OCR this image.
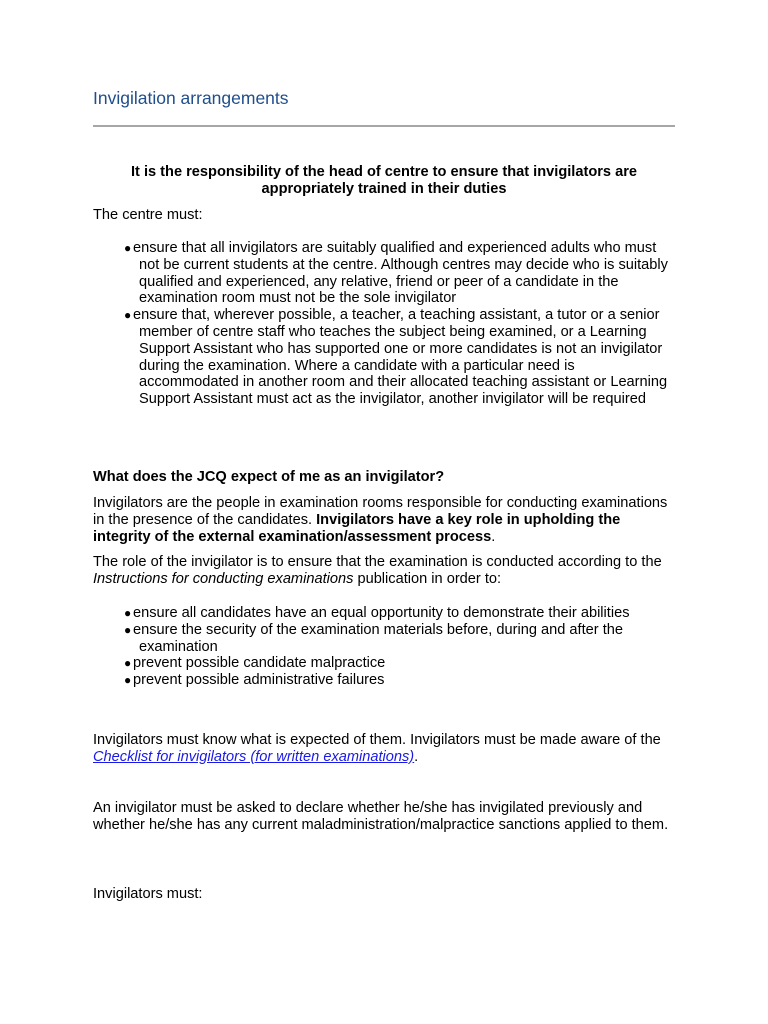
Invigilation arrangements
It is the responsibility of the head of centre to ensure that invigilators are appropriately trained in their duties
The centre must:
● ensure that all invigilators are suitably qualified and experienced adults who must not be current students at the centre. Although centres may decide who is suitably qualified and experienced, any relative, friend or peer of a candidate in the examination room must not be the sole invigilator
● ensure that, wherever possible, a teacher, a teaching assistant, a tutor or a senior member of centre staff who teaches the subject being examined, or a Learning Support Assistant who has supported one or more candidates is not an invigilator during the examination. Where a candidate with a particular need is accommodated in another room and their allocated teaching assistant or Learning Support Assistant must act as the invigilator, another invigilator will be required
What does the JCQ expect of me as an invigilator?
Invigilators are the people in examination rooms responsible for conducting examinations in the presence of the candidates. Invigilators have a key role in upholding the integrity of the external examination/assessment process.
The role of the invigilator is to ensure that the examination is conducted according to the Instructions for conducting examinations publication in order to:
● ensure all candidates have an equal opportunity to demonstrate their abilities
● ensure the security of the examination materials before, during and after the examination
● prevent possible candidate malpractice
● prevent possible administrative failures
Invigilators must know what is expected of them. Invigilators must be made aware of the Checklist for invigilators (for written examinations).
An invigilator must be asked to declare whether he/she has invigilated previously and whether he/she has any current maladministration/malpractice sanctions applied to them.
Invigilators must:
